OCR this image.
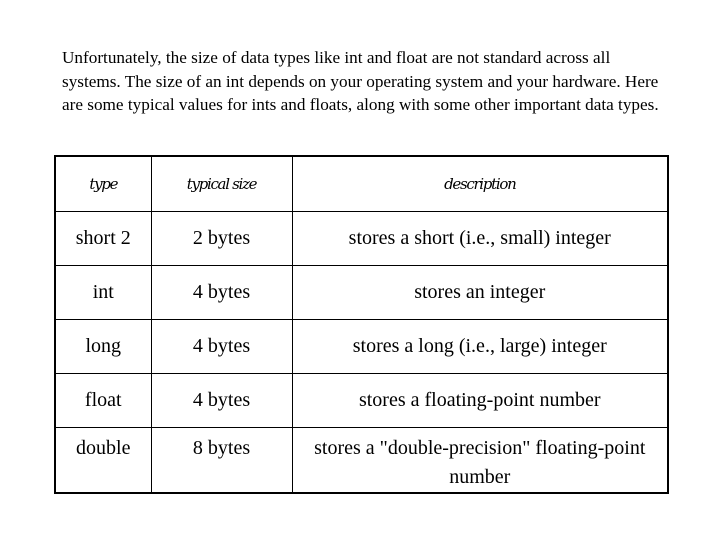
Unfortunately, the size of data types like int and float are not standard across all systems. The size of an int depends on your operating system and your hardware. Here are some typical values for ints and floats, along with some other important data types.

type	typical size	description
short 2	2 bytes	stores a short (i.e., small) integer
int	4 bytes	stores an integer
long	4 bytes	stores a long (i.e., large) integer
float	4 bytes	stores a floating-point number
double	8 bytes	stores a "double-precision" floating-point number
